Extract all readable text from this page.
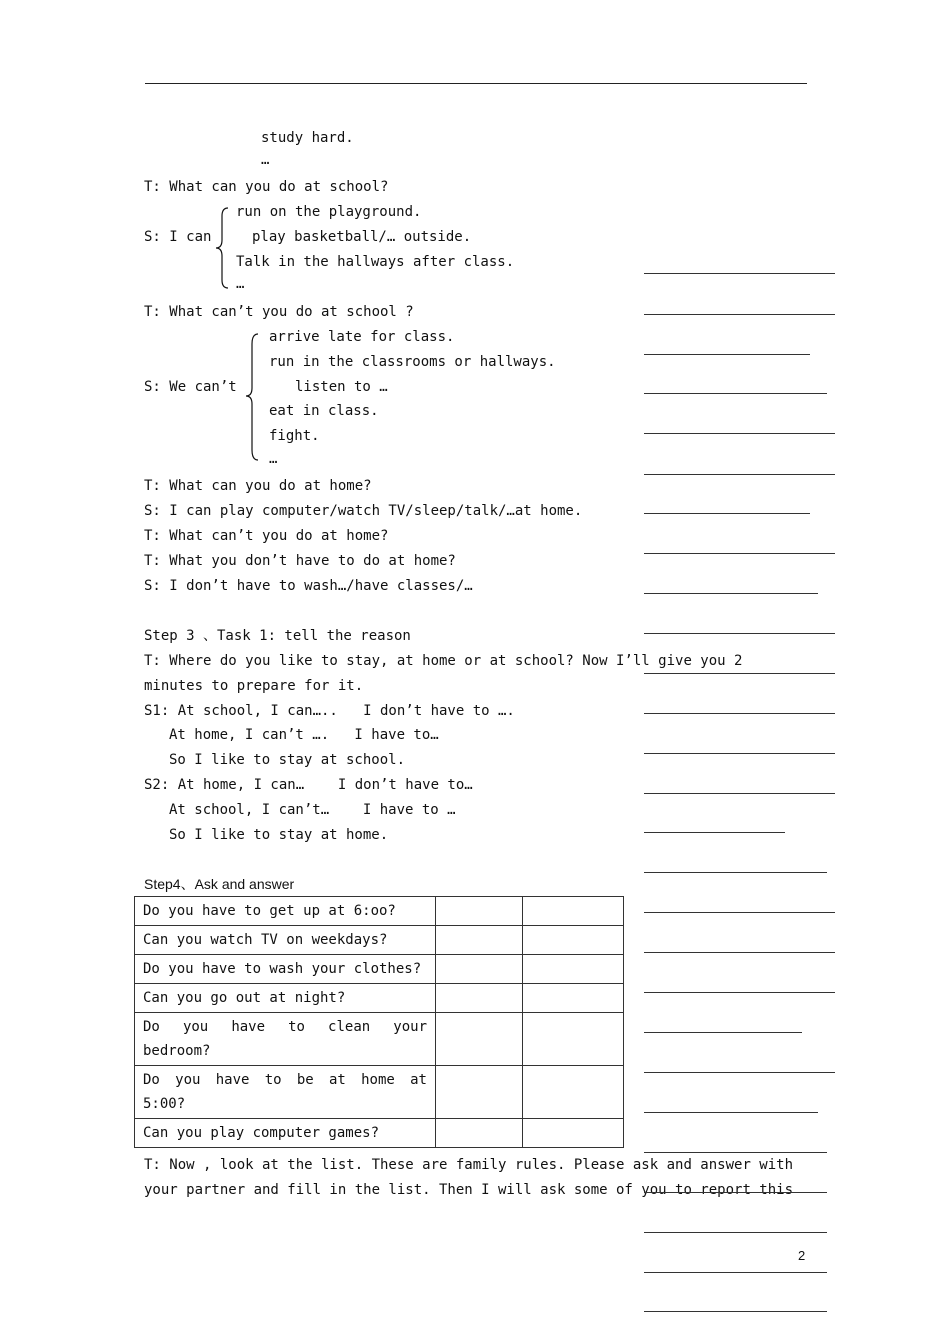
study hard.
…
T: What can you do at school?
run on the playground.
S: I can	play basketball/… outside.
Talk in the hallways after class.
…
T: What can’t you do at school ?
arrive late for class.
run in the classrooms or hallways.
S: We can’t	listen to …
eat in class.
fight.
…
T: What can you do at home?
S: I can play computer/watch TV/sleep/talk/…at home.
T: What can’t you do at home?
T: What you don’t have to do at home?
S: I don’t have to wash…/have classes/…
Step 3 、Task 1: tell the reason
T: Where do you like to stay, at home or at school? Now I’ll give you 2
minutes to prepare for it.
S1: At school, I can…..   I don’t have to ….
At home, I can’t ….   I have to…
So I like to stay at school.
S2: At home, I can…    I don’t have to…
At school, I can’t…    I have to …
So I like to stay at home.
Step4、Ask and answer
Do you have to get up at 6:oo?		
Can you watch TV on weekdays?		
Do you have to wash your clothes?		
Can you go out at night?		
Do you have to clean your bedroom?		
Do you have to be at home at 5:00?		
Can you play computer games?		
T: Now , look at the list. These are family rules. Please ask and answer with
your partner and fill in the list. Then I will ask some of you to report this
2
